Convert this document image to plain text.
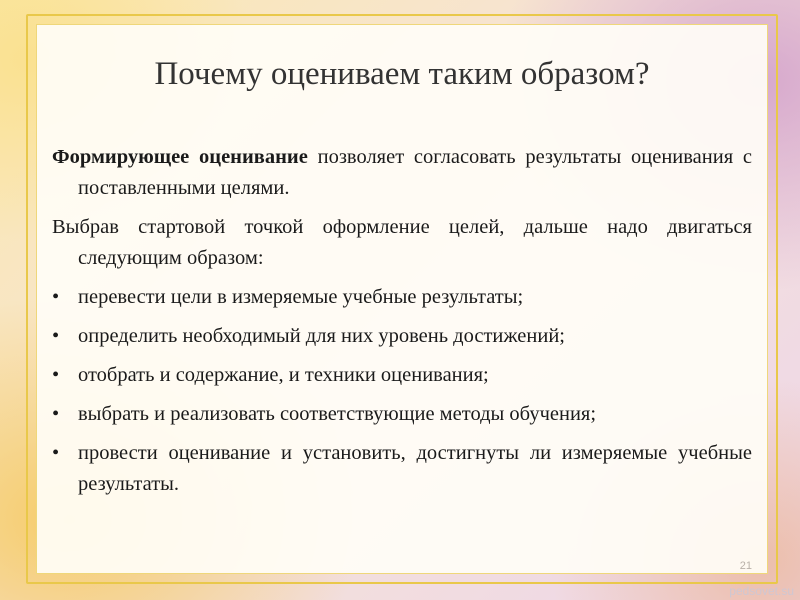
Почему оцениваем таким образом?

Формирующее оценивание позволяет согласовать результаты оценивания с поставленными целями.

Выбрав стартовой точкой оформление целей, дальше надо двигаться следующим образом:

• перевести цели в измеряемые учебные результаты;
• определить необходимый для них уровень достижений;
• отобрать и содержание, и техники оценивания;
• выбрать и реализовать соответствующие методы обучения;
• провести оценивание и установить, достигнуты ли измеряемые учебные результаты.
21
pedsovet.su
